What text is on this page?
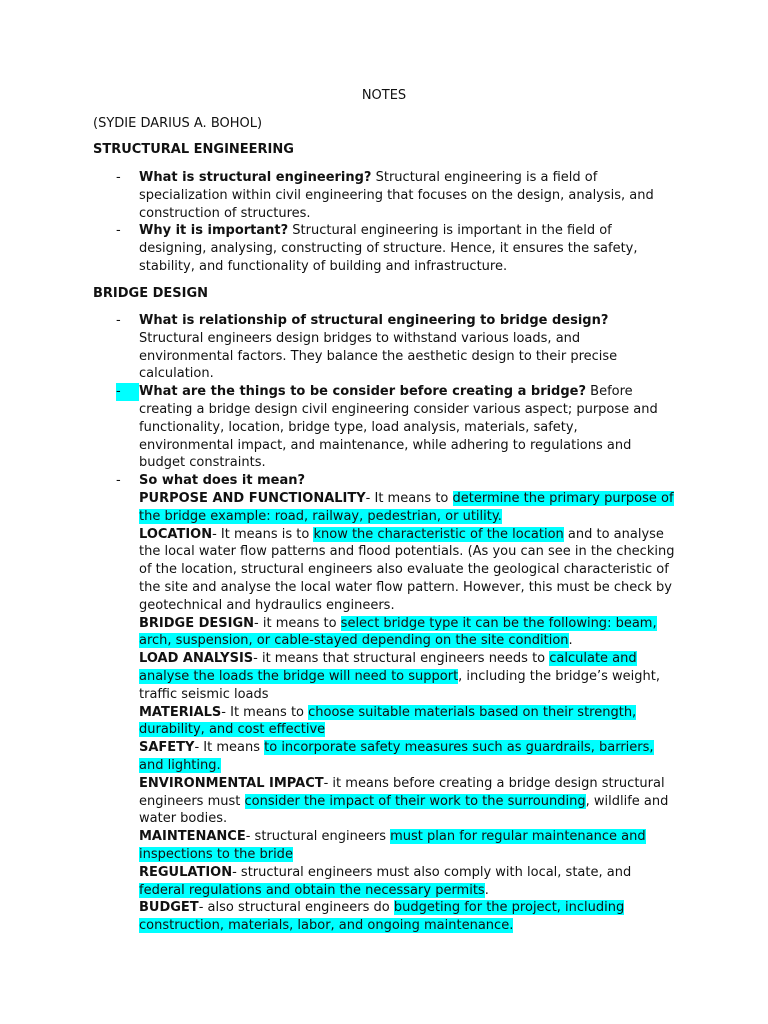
NOTES
(SYDIE DARIUS A. BOHOL)
STRUCTURAL ENGINEERING
-	What is structural engineering? Structural engineering is a field of specialization within civil engineering that focuses on the design, analysis, and construction of structures.

-	Why it is important? Structural engineering is important in the field of designing, analysing, constructing of structure. Hence, it ensures the safety, stability, and functionality of building and infrastructure.

BRIDGE DESIGN
-	What is relationship of structural engineering to bridge design? Structural engineers design bridges to withstand various loads, and environmental factors. They balance the aesthetic design to their precise calculation.

-	What are the things to be consider before creating a bridge? Before creating a bridge design civil engineering consider various aspect; purpose and functionality, location, bridge type, load analysis, materials, safety, environmental impact, and maintenance, while adhering to regulations and budget constraints.

-	So what does it mean?

PURPOSE AND FUNCTIONALITY- It means to determine the primary purpose of the bridge example: road, railway, pedestrian, or utility.

LOCATION- It means is to know the characteristic of the location and to analyse the local water flow patterns and flood potentials. (As you can see in the checking of the location, structural engineers also evaluate the geological characteristic of the site and analyse the local water flow pattern. However, this must be check by geotechnical and hydraulics engineers.

BRIDGE DESIGN- it means to select bridge type it can be the following: beam, arch, suspension, or cable-stayed depending on the site condition.

LOAD ANALYSIS- it means that structural engineers needs to calculate and analyse the loads the bridge will need to support, including the bridge’s weight, traffic seismic loads

MATERIALS- It means to choose suitable materials based on their strength, durability, and cost effective

SAFETY- It means to incorporate safety measures such as guardrails, barriers, and lighting.

ENVIRONMENTAL IMPACT- it means before creating a bridge design structural engineers must consider the impact of their work to the surrounding, wildlife and water bodies.

MAINTENANCE- structural engineers must plan for regular maintenance and inspections to the bride

REGULATION- structural engineers must also comply with local, state, and federal regulations and obtain the necessary permits.

BUDGET- also structural engineers do budgeting for the project, including construction, materials, labor, and ongoing maintenance.
